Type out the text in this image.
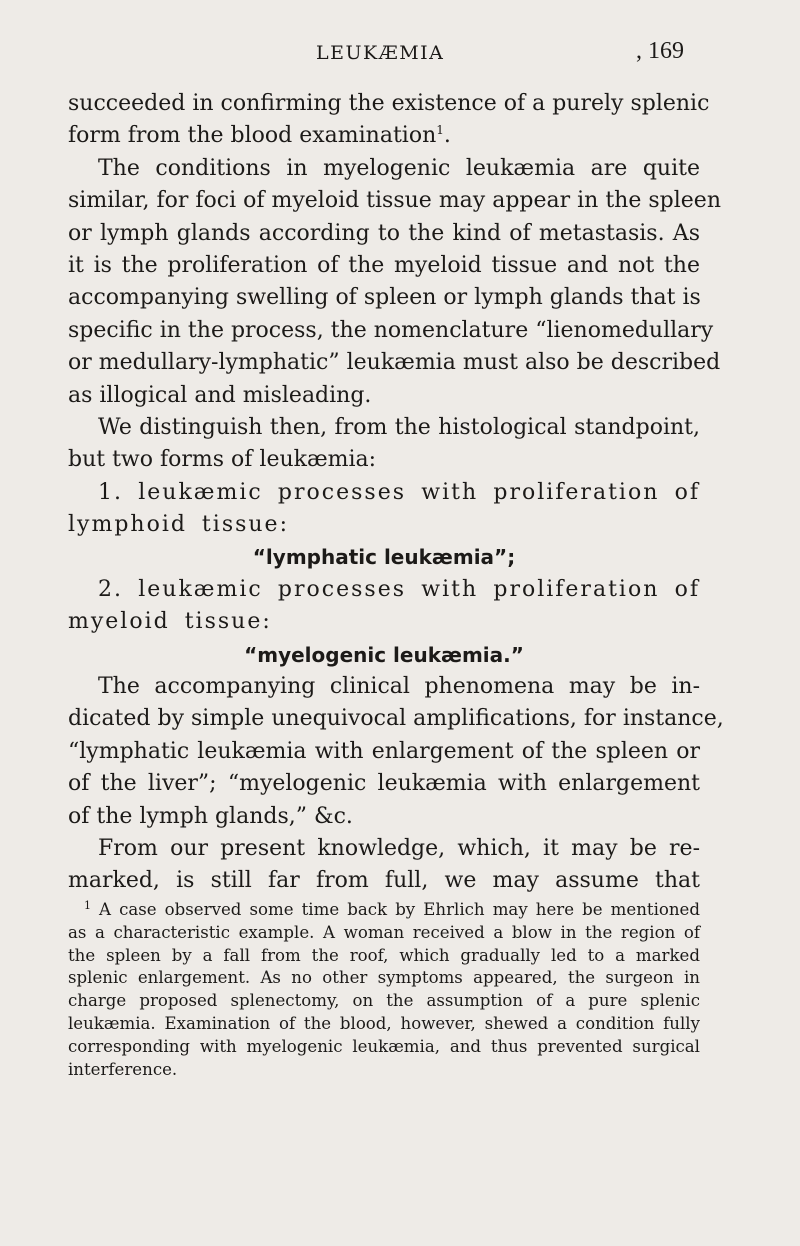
LEUKÆMIA	, 169
succeeded in confirming the existence of a purely splenic
form from the blood examination$^1$.
The conditions in myelogenic leukæmia are quite
similar, for foci of myeloid tissue may appear in the spleen
or lymph glands according to the kind of metastasis. As
it is the proliferation of the myeloid tissue and not the
accompanying swelling of spleen or lymph glands that is
specific in the process, the nomenclature “lienomedullary
or medullary-lymphatic” leukæmia must also be described
as illogical and misleading.
We distinguish then, from the histological standpoint,
but two forms of leukæmia:
1. leukæmic processes with proliferation of
lymphoid tissue:
“lymphatic leukæmia”;
2. leukæmic processes with proliferation of
myeloid tissue:
“myelogenic leukæmia.”
The accompanying clinical phenomena may be in-
dicated by simple unequivocal amplifications, for instance,
“lymphatic leukæmia with enlargement of the spleen or
of the liver”; “myelogenic leukæmia with enlargement
of the lymph glands,” &c.
From our present knowledge, which, it may be re-
marked, is still far from full, we may assume that
$^1$ A case observed some time back by Ehrlich may here be mentioned
as a characteristic example. A woman received a blow in the region of
the spleen by a fall from the roof, which gradually led to a marked
splenic enlargement. As no other symptoms appeared, the surgeon in
charge proposed splenectomy, on the assumption of a pure splenic
leukæmia. Examination of the blood, however, shewed a condition fully
corresponding with myelogenic leukæmia, and thus prevented surgical
interference.
